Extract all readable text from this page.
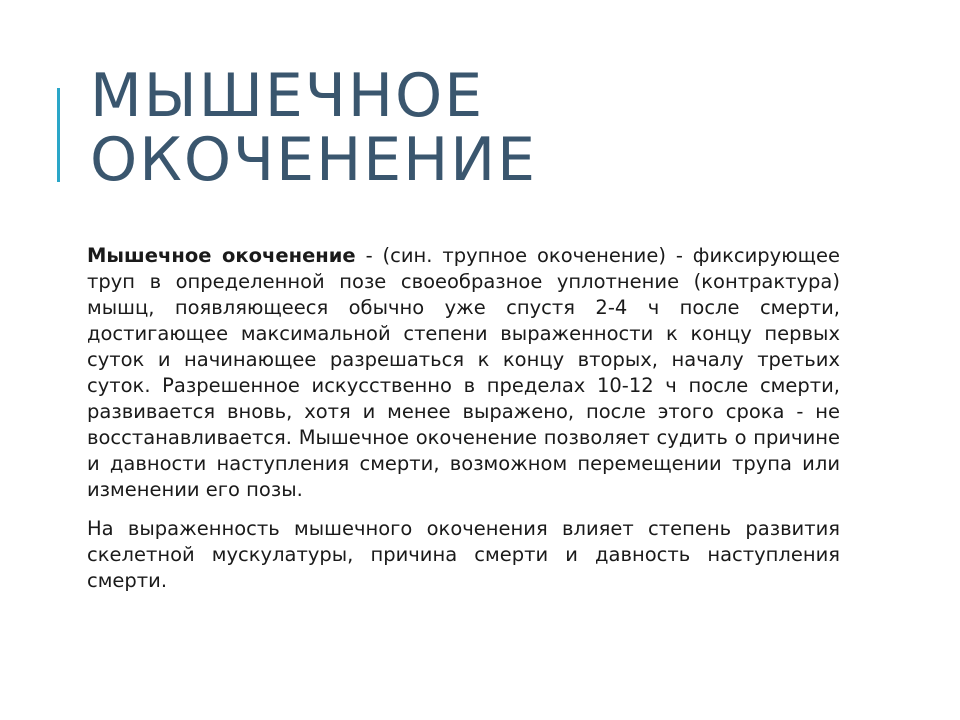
МЫШЕЧНОЕ
ОКОЧЕНЕНИЕ

Мышечное окоченение - (син. трупное окоченение) - фиксирующее труп в определенной позе своеобразное уплотнение (контрактура) мышц, появляющееся обычно уже спустя 2-4 ч после смерти, достигающее максимальной степени выраженности к концу первых суток и начинающее разрешаться к концу вторых, началу третьих суток. Разрешенное искусственно в пределах 10-12 ч после смерти, развивается вновь, хотя и менее выражено, после этого срока - не восстанавливается. Мышечное окоченение позволяет судить о причине и давности наступления смерти, возможном перемещении трупа или изменении его позы.

На выраженность мышечного окоченения влияет степень развития скелетной мускулатуры, причина смерти и давность наступления смерти.
